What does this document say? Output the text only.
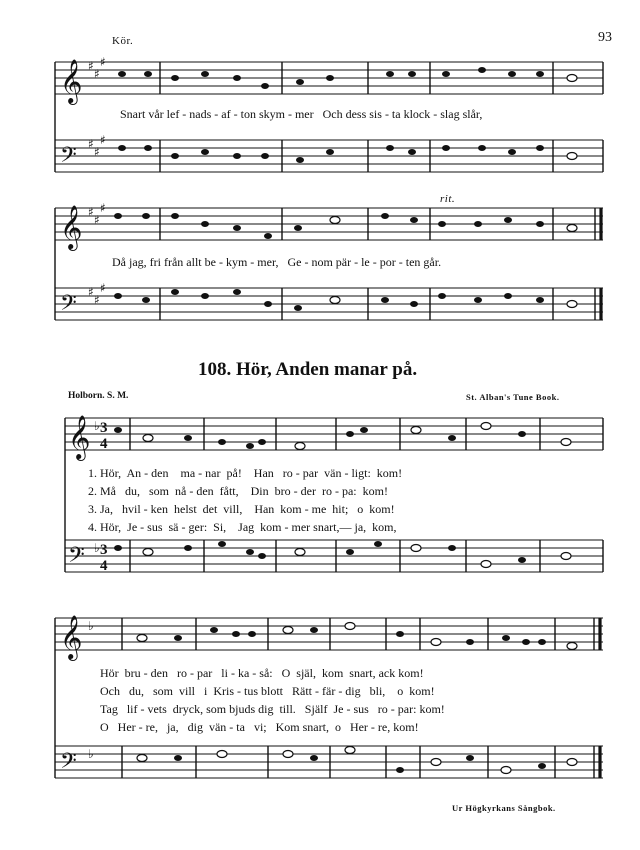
93
Kör.
𝄞 ♯
♯
♯
𝄢 ♯
♯
♯
Snart vår lef - nads - af - ton skym - mer   Och dess sis - ta klock - slag slår,
rit.
𝄞 ♯
♯
♯
𝄢 ♯
♯
♯
Då jag, fri från allt be - kym - mer,   Ge - nom pär - le - por - ten går.
108. Hör, Anden manar på.
Holborn. S. M.	St. Alban's Tune Book.
𝄞 ♭ 3
4
𝄢 ♭ 3
4
1. Hör,  An - den    ma - nar  på!    Han   ro - par  vän - ligt:  kom!
2. Må   du,   som  nå - den  fått,    Din  bro - der  ro - pa:  kom!
3. Ja,   hvil - ken  helst  det  vill,    Han  kom - me  hit;   o  kom!
4. Hör,  Je - sus  sä - ger:  Si,    Jag  kom - mer snart,— ja,  kom,
𝄞 ♭
𝄢 ♭
Hör  bru - den   ro - par   li - ka - så:   O  själ,  kom  snart, ack kom!
Och   du,   som  vill   i  Kris - tus blott   Rätt - fär - dig   bli,    o  kom!
Tag   lif - vets  dryck, som bjuds dig  till.   Själf  Je - sus   ro - par: kom!
O   Her - re,   ja,   dig  vän - ta   vi;   Kom snart,  o   Her - re, kom!
Ur Högkyrkans Sångbok.
